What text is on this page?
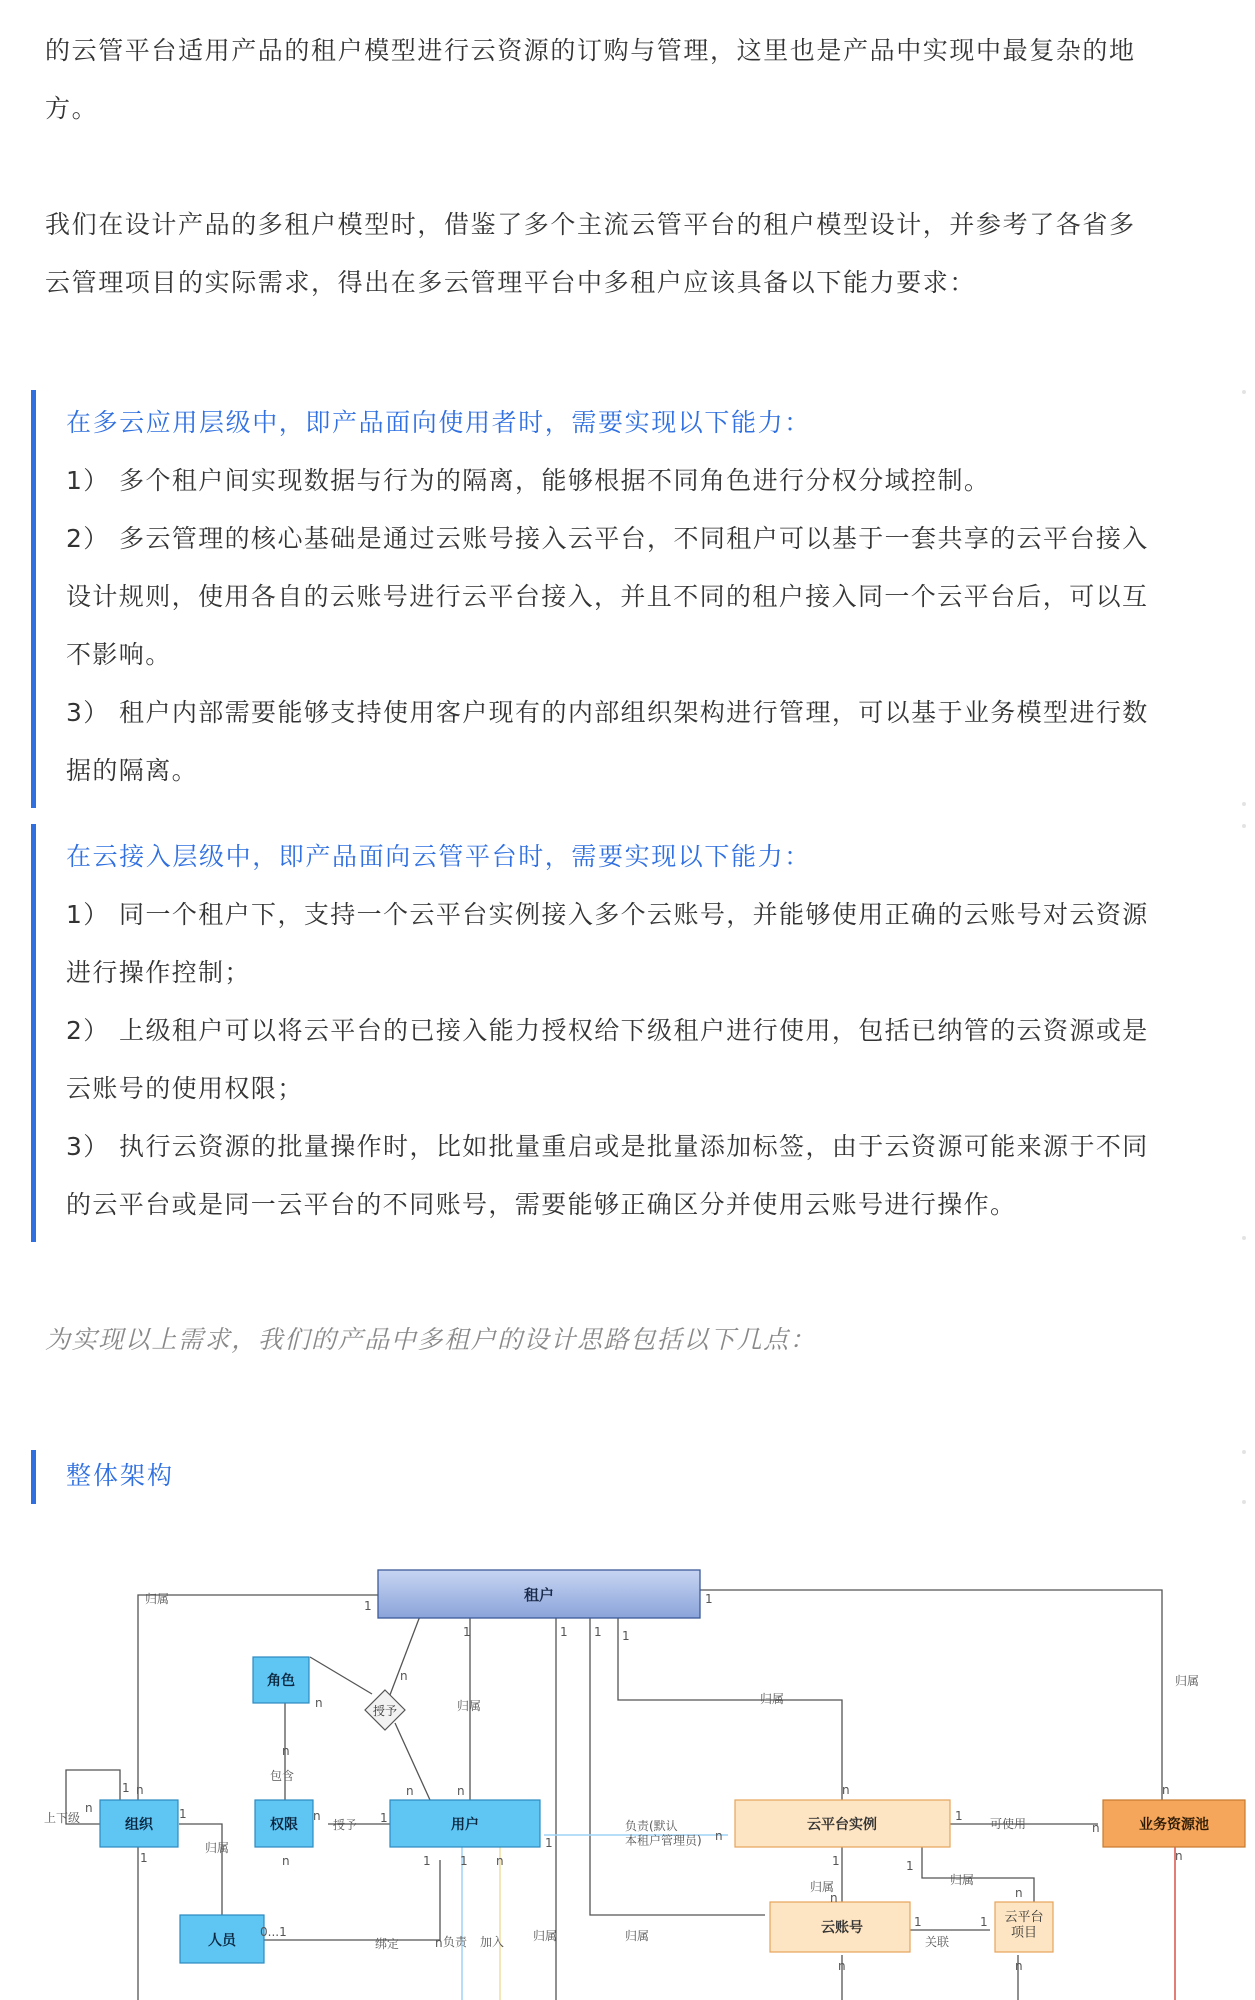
的云管平台适用产品的租户模型进行云资源的订购与管理，这里也是产品中实现中最复杂的地

方。

我们在设计产品的多租户模型时，借鉴了多个主流云管平台的租户模型设计，并参考了各省多

云管理项目的实际需求，得出在多云管理平台中多租户应该具备以下能力要求：

在多云应用层级中，即产品面向使用者时，需要实现以下能力：

1） 多个租户间实现数据与行为的隔离，能够根据不同角色进行分权分域控制。

2） 多云管理的核心基础是通过云账号接入云平台，不同租户可以基于一套共享的云平台接入

设计规则，使用各自的云账号进行云平台接入，并且不同的租户接入同一个云平台后，可以互

不影响。

3） 租户内部需要能够支持使用客户现有的内部组织架构进行管理，可以基于业务模型进行数

据的隔离。

在云接入层级中，即产品面向云管平台时，需要实现以下能力：

1） 同一个租户下，支持一个云平台实例接入多个云账号，并能够使用正确的云账号对云资源

进行操作控制；

2） 上级租户可以将云平台的已接入能力授权给下级租户进行使用，包括已纳管的云资源或是

云账号的使用权限；

3） 执行云资源的批量操作时，比如批量重启或是批量添加标签，由于云资源可能来源于不同

的云平台或是同一云平台的不同账号，需要能够正确区分并使用云账号进行操作。

为实现以上需求，我们的产品中多租户的设计思路包括以下几点：
整体架构
租户
角色
授予
组织	权限	用户
人员
云平台实例
云账号
云平台项目
业务资源池
归属	1	1
归属
1	1 1 1
n
归属	归属
n
n
包含
n	n	n	n
上下级
1 n
n	1
归属
1	n
n
授予 1
1
负责(默认本租户管理员) n
1
可使用	n
n
1 1 n	1
归属
n
1
归属
n
0...1
绑定	n 负责 加入 归属	归属
1
关联
1
n	n
